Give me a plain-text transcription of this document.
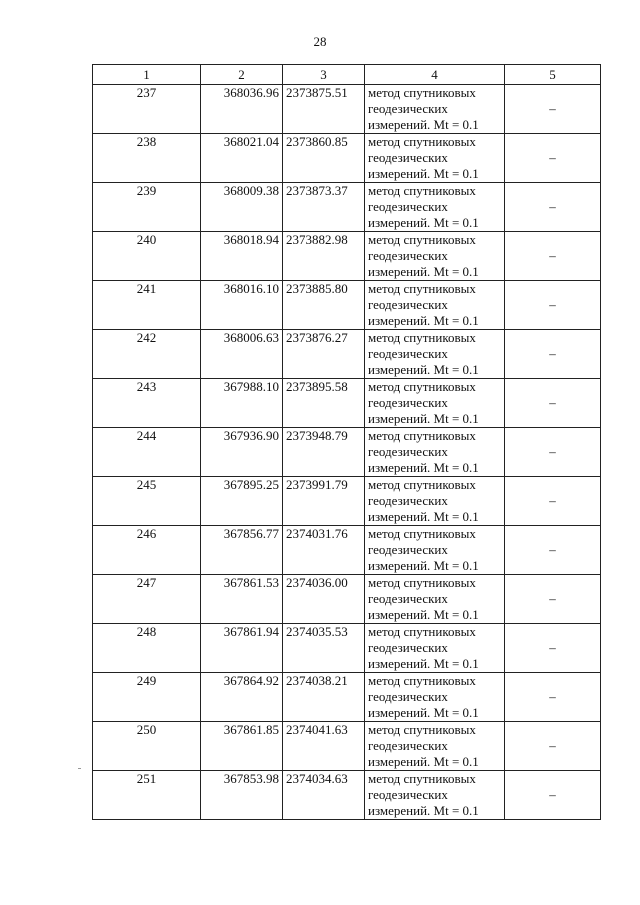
28
1	2	3	4	5
237	368036.96	2373875.51	метод спутниковых
геодезических
измерений. Mt = 0.1	–
238	368021.04	2373860.85	метод спутниковых
геодезических
измерений. Mt = 0.1	–
239	368009.38	2373873.37	метод спутниковых
геодезических
измерений. Mt = 0.1	–
240	368018.94	2373882.98	метод спутниковых
геодезических
измерений. Mt = 0.1	–
241	368016.10	2373885.80	метод спутниковых
геодезических
измерений. Mt = 0.1	–
242	368006.63	2373876.27	метод спутниковых
геодезических
измерений. Mt = 0.1	–
243	367988.10	2373895.58	метод спутниковых
геодезических
измерений. Mt = 0.1	–
244	367936.90	2373948.79	метод спутниковых
геодезических
измерений. Mt = 0.1	–
245	367895.25	2373991.79	метод спутниковых
геодезических
измерений. Mt = 0.1	–
246	367856.77	2374031.76	метод спутниковых
геодезических
измерений. Mt = 0.1	–
247	367861.53	2374036.00	метод спутниковых
геодезических
измерений. Mt = 0.1	–
248	367861.94	2374035.53	метод спутниковых
геодезических
измерений. Mt = 0.1	–
249	367864.92	2374038.21	метод спутниковых
геодезических
измерений. Mt = 0.1	–
250	367861.85	2374041.63	метод спутниковых
геодезических
измерений. Mt = 0.1	–
251	367853.98	2374034.63	метод спутниковых
геодезических
измерений. Mt = 0.1	–
